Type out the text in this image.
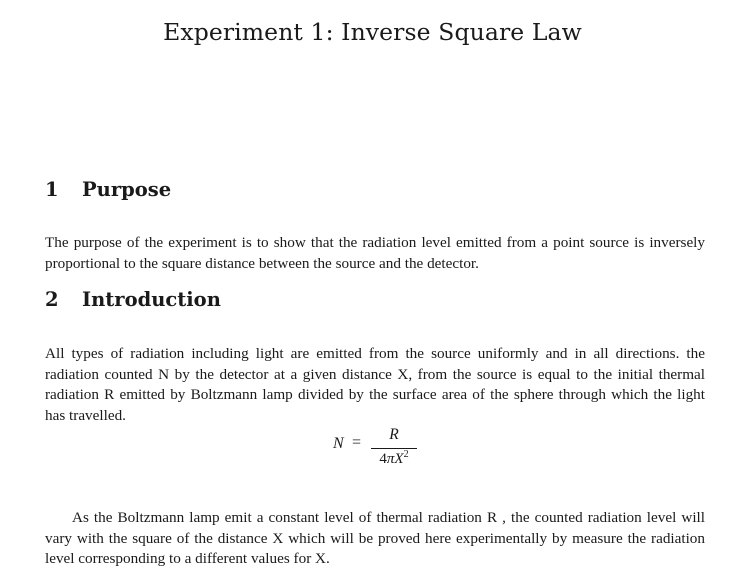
Experiment 1: Inverse Square Law
1 Purpose

The purpose of the experiment is to show that the radiation level emitted from a point source is inversely proportional to the square distance between the source and the detector.

2 Introduction

All types of radiation including light are emitted from the source uniformly and in all directions. the radiation counted N by the detector at a given distance X, from the source is equal to the initial thermal radiation R emitted by Boltzmann lamp divided by the surface area of the sphere through which the light has travelled.

N =	R
$4\pi X^2$

As the Boltzmann lamp emit a constant level of thermal radiation R , the counted radiation level will vary with the square of the distance X which will be proved here experimentally by measure the radiation level corresponding to a different values for X.
